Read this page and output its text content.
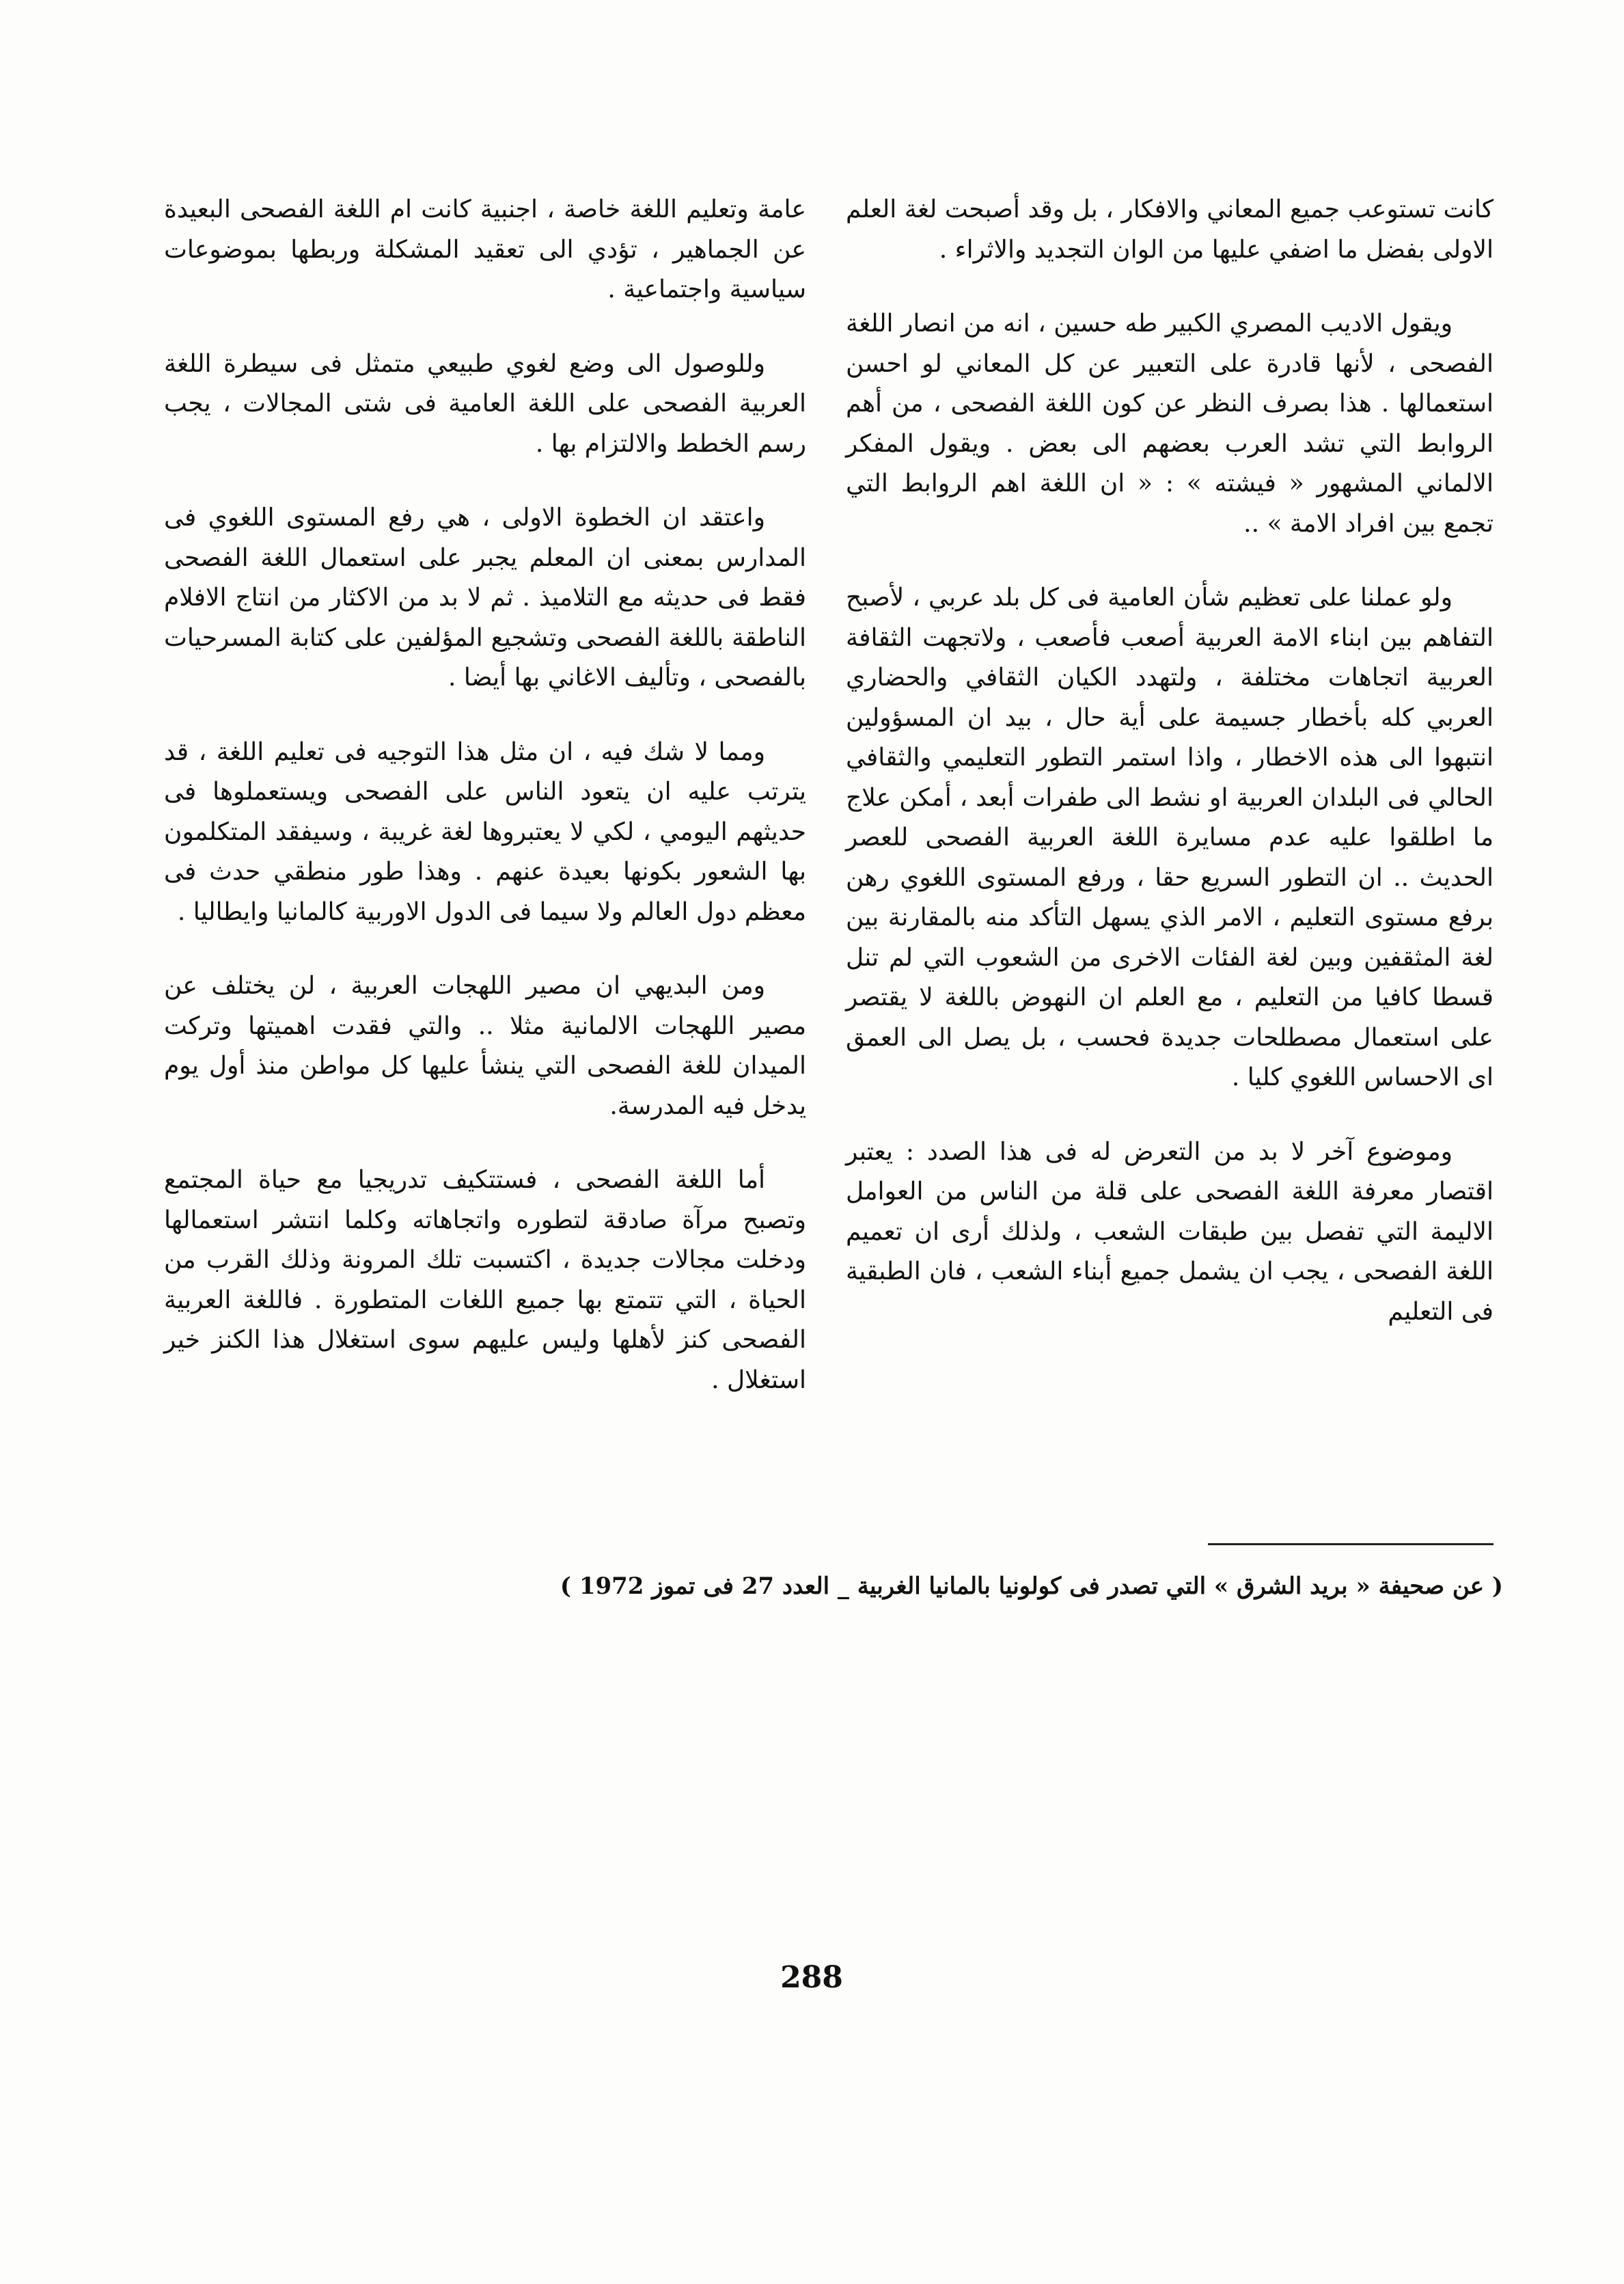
كانت تستوعب جميع المعاني والافكار ، بل وقد أصبحت لغة العلم الاولى بفضل ما اضفي عليها من الوان التجديد والاثراء .

ويقول الاديب المصري الكبير طه حسين ، انه من انصار اللغة الفصحى ، لأنها قادرة على التعبير عن كل المعاني لو احسن استعمالها . هذا بصرف النظر عن كون اللغة الفصحى ، من أهم الروابط التي تشد العرب بعضهم الى بعض . ويقول المفكر الالماني المشهور « فيشته » : « ان اللغة اهم الروابط التي تجمع بين افراد الامة » ..

ولو عملنا على تعظيم شأن العامية فى كل بلد عربي ، لأصبح التفاهم بين ابناء الامة العربية أصعب فأصعب ، ولاتجهت الثقافة العربية اتجاهات مختلفة ، ولتهدد الكيان الثقافي والحضاري العربي كله بأخطار جسيمة على أية حال ، بيد ان المسؤولين انتبهوا الى هذه الاخطار ، واذا استمر التطور التعليمي والثقافي الحالي فى البلدان العربية او نشط الى طفرات أبعد ، أمكن علاج ما اطلقوا عليه عدم مسايرة اللغة العربية الفصحى للعصر الحديث .. ان التطور السريع حقا ، ورفع المستوى اللغوي رهن برفع مستوى التعليم ، الامر الذي يسهل التأكد منه بالمقارنة بين لغة المثقفين وبين لغة الفئات الاخرى من الشعوب التي لم تنل قسطا كافيا من التعليم ، مع العلم ان النهوض باللغة لا يقتصر على استعمال مصطلحات جديدة فحسب ، بل يصل الى العمق اى الاحساس اللغوي كليا .

وموضوع آخر لا بد من التعرض له فى هذا الصدد : يعتبر اقتصار معرفة اللغة الفصحى على قلة من الناس من العوامل الاليمة التي تفصل بين طبقات الشعب ، ولذلك أرى ان تعميم اللغة الفصحى ، يجب ان يشمل جميع أبناء الشعب ، فان الطبقية فى التعليم

عامة وتعليم اللغة خاصة ، اجنبية كانت ام اللغة الفصحى البعيدة عن الجماهير ، تؤدي الى تعقيد المشكلة وربطها بموضوعات سياسية واجتماعية .

وللوصول الى وضع لغوي طبيعي متمثل فى سيطرة اللغة العربية الفصحى على اللغة العامية فى شتى المجالات ، يجب رسم الخطط والالتزام بها .

واعتقد ان الخطوة الاولى ، هي رفع المستوى اللغوي فى المدارس بمعنى ان المعلم يجبر على استعمال اللغة الفصحى فقط فى حديثه مع التلاميذ . ثم لا بد من الاكثار من انتاج الافلام الناطقة باللغة الفصحى وتشجيع المؤلفين على كتابة المسرحيات بالفصحى ، وتأليف الاغاني بها أيضا .

ومما لا شك فيه ، ان مثل هذا التوجيه فى تعليم اللغة ، قد يترتب عليه ان يتعود الناس على الفصحى ويستعملوها فى حديثهم اليومي ، لكي لا يعتبروها لغة غريبة ، وسيفقد المتكلمون بها الشعور بكونها بعيدة عنهم . وهذا طور منطقي حدث فى معظم دول العالم ولا سيما فى الدول الاوربية كالمانيا وايطاليا .

ومن البديهي ان مصير اللهجات العربية ، لن يختلف عن مصير اللهجات الالمانية مثلا .. والتي فقدت اهميتها وتركت الميدان للغة الفصحى التي ينشأ عليها كل مواطن منذ أول يوم يدخل فيه المدرسة.

أما اللغة الفصحى ، فستتكيف تدريجيا مع حياة المجتمع وتصبح مرآة صادقة لتطوره واتجاهاته وكلما انتشر استعمالها ودخلت مجالات جديدة ، اكتسبت تلك المرونة وذلك القرب من الحياة ، التي تتمتع بها جميع اللغات المتطورة . فاللغة العربية الفصحى كنز لأهلها وليس عليهم سوى استغلال هذا الكنز خير استغلال .

( عن صحيفة « بريد الشرق » التي تصدر فى كولونيا بالمانيا الغربية _ العدد 27 فى تموز 1972 )
288
